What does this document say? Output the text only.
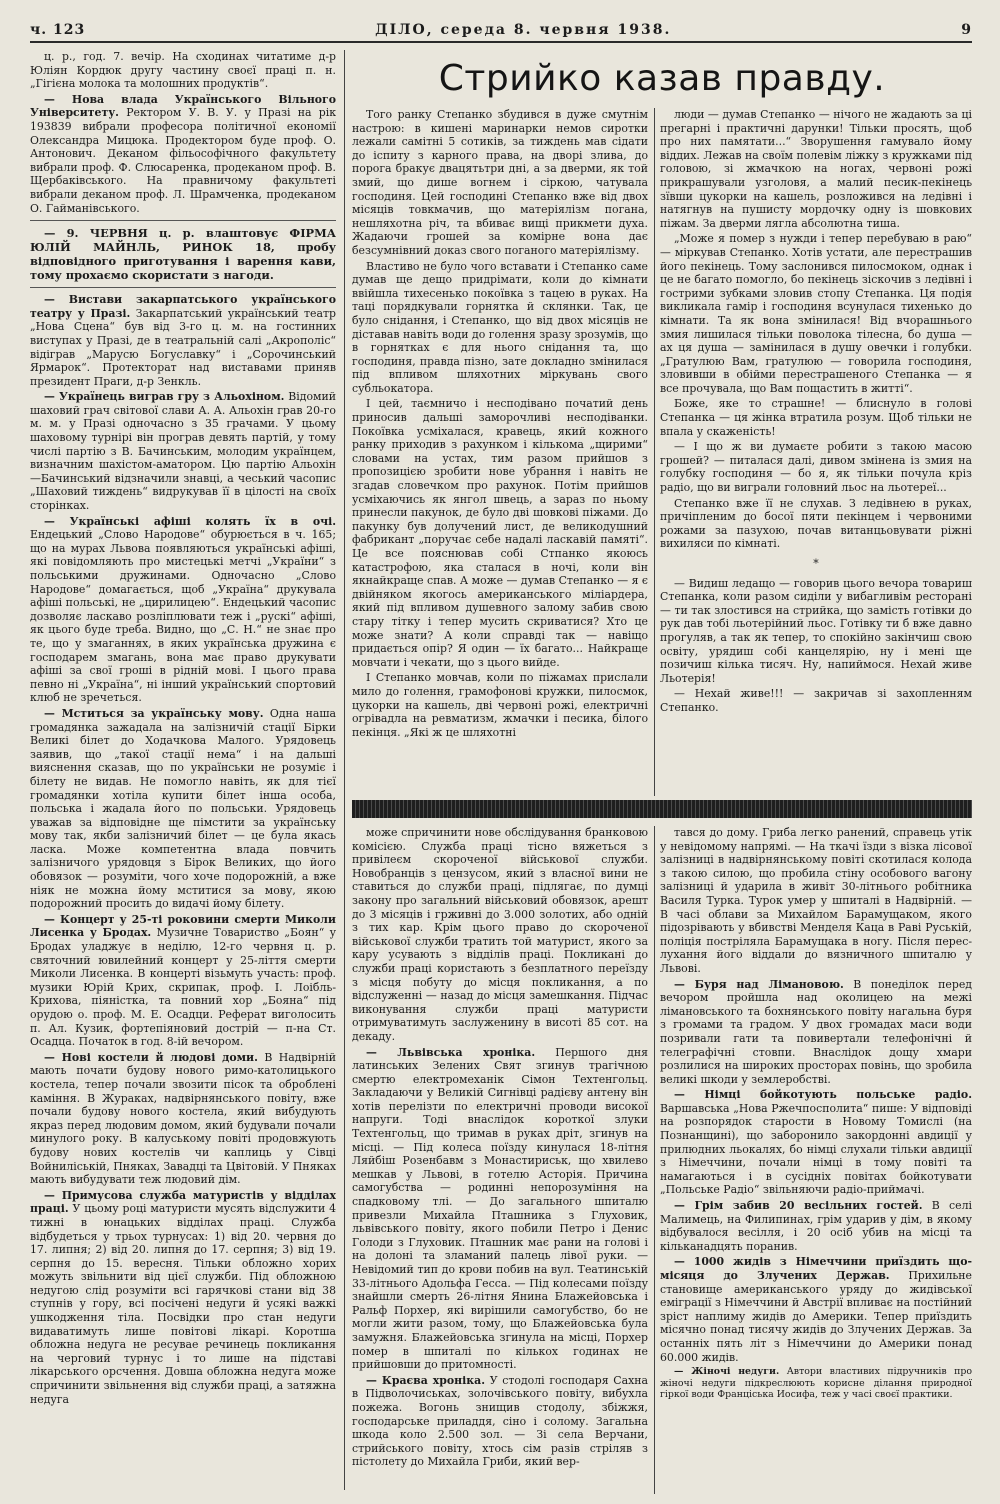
ч. 123	ДІЛО, середа 8. червня 1938.	9

ц. р., год. 7. вечір. На сходинах читатиме д-р Юліян Кордюк другу частину своєї праці п. н. „Гігієна молока та молошних продуктів“.

— Нова влада Українського Вільного Університету. Ректором У. В. У. у Празі на рік 193839 вибрали професора політичної економії Олександра Мицюка. Продектором буде проф. О. Антонович. Деканом фільософічного факультету вибрали проф. Ф. Слюсаренка, продеканом проф. В. Щербаківського. На правничому факультеті вибрали деканом проф. Л. Шрамченка, продеканом О. Гайманівського.

— 9. ЧЕРВНЯ ц. р. влаштовує ФІРМА ЮЛІЙ МАЙНЛЬ, РИНОК 18, пробу відповідного приготування і варення кави, тому прохаємо скористати з нагоди.

— Вистави закарпатського українського театру у Празі. Закарпатський український театр „Нова Сцена“ був від 3-го ц. м. на гостинних виступах у Празі, де в театральній салі „Акрополіс“ відіграв „Марусю Богуславку“ і „Сорочинський Ярмарок“. Протекторат над виставами приняв президент Праги, д-р Зенкль.

— Українець виграв гру з Альохіном. Відомий шаховий грач світової слави А. А. Альохін грав 20-го м. м. у Празі одночасно з 35 грачами. У цьому шаховому турнірі він програв девять партій, у тому числі партію з В. Бачинським, молодим українцем, визначним шахістом-аматором. Цю партію Альохін—Бачинський відзначили знавці, а чеський часопис „Шаховий тиждень“ видрукував її в цілості на своїх сторінках.

— Українські афіші колять їх в очі. Ендецький „Слово Народове“ обурюється в ч. 165; що на мурах Львова появляються українські афіші, які повідомляють про мистецькі метчі „України“ з польськими дружинами. Одночасно „Слово Народове“ домагається, щоб „Україна“ друкувала афіші польські, не „цирилицею“. Ендецький часопис дозволяє ласкаво розліплювати теж і „рускі“ афіші, як цього буде треба. Видно, що „С. Н.“ не знає про те, що у змаганнях, в яких українська дружина є господарем змагань, вона має право друкувати афіші за свої гроші в рідній мові. І цього права певно ні „Україна“, ні інший український спортовий клюб не зречеться.

— Мститься за українську мову. Одна наша громадянка зажадала на залізничій стації Бірки Великі білет до Ходачкова Малого. Урядовець заявив, що „такої стації нема“ і на дальші вияснення сказав, що по українськи не розуміє і білету не видав. Не помогло навіть, як для тієї громадянки хотіла купити білет інша особа, польська і жадала його по польськи. Урядовець уважав за відповідне ще пімстити за українську мову так, якби залізничий білет — це була якась ласка. Може компетентна влада повчить залізничого урядовця з Бірок Великих, що його обовязок — розуміти, чого хоче подорожній, а вже ніяк не можна йому мститися за мову, якою подорожний просить до видачі йому білету.

— Концерт у 25-ті роковини смерти Миколи Лисенка у Бродах. Музичне Товариство „Боян“ у Бродах уладжує в неділю, 12-го червня ц. р. святочний ювилейний концерт у 25-ліття смерти Миколи Лисенка. В концерті візьмуть участь: проф. музики Юрій Крих, скрипак, проф. І. Лоібль-Крихова, піяністка, та повний хор „Бояна“ під орудою о. проф. М. Е. Осадци. Реферат виголосить п. Ал. Кузик, фортепіяновий дострій — п-на Ст. Осадца. Початок в год. 8-ій вечором.

— Нові костели й людові доми. В Надвірній мають почати будову нового римо-католицького костела, тепер почали звозити пісок та оброблені каміння. В Жураках, надвірнянського повіту, вже почали будову нового костела, який вибудують якраз перед людовим домом, який будували почали минулого року. В калуському повіті продовжують будову нових костелів чи каплиць у Сівці Войниліській, Пняках, Завадці та Цвітовій. У Пняках мають вибудувати теж людовий дім.

— Примусова служба матуристів у відділах праці. У цьому році матуристи мусять відслужити 4 тижні в юнацьких відділах праці. Служба відбудеться у трьох турнусах: 1) від 20. червня до 17. липня; 2) від 20. липня до 17. серпня; 3) від 19. серпня до 15. вересня. Тільки обложно хорих можуть звільнити від цієї служби. Під обложною недугою слід розуміти всі гарячкові стани від 38 ступнів у гору, всі посічені недуги й усякі важкі ушкодження тіла. Посвідки про стан недуги видаватимуть лише повітові лікарі. Коротша обложна недуга не ресувае речинець покликання на черговий турнус і то лише на підставі лікарського орсчення. Довша обложна недуга може спричинити звільнення від служби праці, а затяжна недуга

Стрийко казав правду.

Того ранку Степанко збудився в дуже смутнім настрою: в кишені маринарки немов сиротки лежали самітні 5 сотиків, за тиждень мав сідати до іспиту з карного права, на дворі злива, до порога бракує двацятьтри дні, а за дверми, як той змий, що дише вогнем і сіркою, чатувала господиня. Цей господині Степанко вже від двох місяців товкмачив, що матеріялізм погана, нешляхотна річ, та вбиває вищі прикмети духа. Жадаючи грошей за комірне вона дає безсумнівний доказ свого поганого матеріялізму.

Властиво не було чого вставати і Степанко саме думав ще дещо придрімати, коли до кімнати ввійшла тихесенько покоївка з тацею в руках. На таці порядкували горнятка й склянки. Так, це було снідання, і Степанко, що від двох місяців не діставав навіть води до голення зразу зрозумів, що в горнятках є для нього снідання та, що господиня, правда пізно, зате докладно змінилася під впливом шляхотних міркувань свого субльокатора.

І цей, таємничо і несподівано початий день приносив дальші заморочливі несподіванки. Покоївка усміхалася, кравець, який кожного ранку приходив з рахунком і кількома „щирими“ словами на устах, тим разом прийшов з пропозицією зробити нове убрання і навіть не згадав словечком про рахунок. Потім прийшов усміхаючись як янгол швець, а зараз по ньому принесли пакунок, де було дві шовкові піжами. До пакунку був долучений лист, де великодушний фабрикант „поручає себе надалі ласкавій памяті“. Це все пояснював собі Стпанко якоюсь катастрофою, яка сталася в ночі, коли він якнайкраще спав. А може — думав Степанко — я є двійняком якогось американського міліардера, який під впливом душевного залому забив свою стару тітку і тепер мусить скриватися? Хто це може знати? А коли справді так — навіщо придається опір? Я один — їх багато... Найкраще мовчати і чекати, що з цього вийде.

І Степанко мовчав, коли по піжамах прислали мило до голення, грамофонові кружки, пилосмок, цукорки на кашель, дві червоні рожі, електричні огрівадла на ревматизм, жмачки і песика, білого пекінця. „Які ж це шляхотні

люди — думав Степанко — нічого не жадають за ці прегарні і практичні дарунки! Тільки просять, щоб про них памятати...“ Зворушення гамувало йому віддих. Лежав на своїм полевім ліжку з кружками під головою, зі жмачкою на ногах, червоні рожі прикрашували узголовя, а малий песик-пекінець зївши цукорки на кашель, розложився на ледівні і натягнув на пушисту мордочку одну із шовкових піжам. За дверми лягла абсолютна тиша.

„Може я помер з нужди і тепер перебуваю в раю“ — міркував Степанко. Хотів устати, але перестрашив його пекінець. Тому заслонився пилосмоком, однак і це не багато помогло, бо пекінець зіскочив з ледівні і гострими зубками зловив стопу Степанка. Ця подія викликала гамір і господиня всунулася тихенько до кімнати. Та як вона змінилася! Від вчорашнього змия лишилася тільки поволока тілесна, бо душа — ах ця душа — замінилася в душу овечки і голубки. „Гратулюю Вам, гратулюю — говорила господиня, зловивши в обійми перестрашеного Степанка — я все прочувала, що Вам пощастить в житті“.

Боже, яке то страшне! — блиснуло в голові Степанка — ця жінка втратила розум. Щоб тільки не впала у скаженість!

— І що ж ви думаєте робити з такою масою грошей? — питалася далі, дивом змінена із змия на голубку господиня — бо я, як тільки почула кріз радіо, що ви виграли головний льос на льотереї...

Степанко вже її не слухав. З ледівнею в руках, причіпленим до босої пяти пекінцем і червоними рожами за пазухою, почав витанцьовувати ріжні вихиляси по кімнаті.

*

— Видиш ледащо — говорив цього вечора товариш Степанка, коли разом сиділи у вибагливім ресторані — ти так злостився на стрийка, що замість готівки до рук дав тобі льотерійний льос. Готівку ти б вже давно прогуляв, а так як тепер, то спокійно закінчиш свою освіту, урядиш собі канцелярію, ну і мені ще позичиш кілька тисяч. Ну, напиймося. Нехай живе Льотерія!

— Нехай живе!!! — закричав зі захопленням Степанко.

може спричинити нове обслідування бранковою комісією. Служба праці тісно вяжеться з привілеєм скороченої військової служби. Новобранців з цензусом, який з власної вини не ставиться до служби праці, підлягає, по думці закону про загальний військовий обовязок, арешт до 3 місяців і грживні до 3.000 золотих, або одній з тих кар. Крім цього право до скороченої військової служби тратить той матурист, якого за кару усувають з відділів праці. Покликані до служби праці користають з безплатного переїзду з місця побуту до місця покликання, а по відслуженні — назад до місця замешкання. Підчас виконування служби праці матуристи отримуватимуть заслуженину в висоті 85 сот. на декаду.

— Львівська хроніка. Першого дня латинських Зелених Свят згинув трагічною смертю електромеханік Сімон Техтенгольц. Закладаючи у Великій Сигнівці радієву антену він хотів перелізти по електричні проводи високої напруги. Тоді внаслідок короткої злуки Техтенгольц, що тримав в руках дріт, згинув на місці. — Під колеса поїзду кинулася 18-літня Ляйбіш Розенбавм з Монастириськ, що хвилево мешкав у Львові, в готелю Асторія. Причина самогубства — родинні непорозуміння на спадковому тлі. — До загального шпиталю привезли Михайла Пташника з Глуховик, львівського повіту, якого побили Петро і Денис Голоди з Глуховик. Пташник має рани на голові і на долоні та зламаний палець лівої руки. — Невідомий тип до крови побив на вул. Театинській 33-літнього Адольфа Гесса. — Під колесами поїзду знайшли смерть 26-літня Янина Блажейовська і Ральф Порхер, які вирішили самогубство, бо не могли жити разом, тому, що Блажейовська була замужня. Блажейовська згинула на місці, Порхер помер в шпиталі по кількох годинах не прийшовши до притомності.

— Краєва хроніка. У стодолі господаря Сахна в Підволочиськах, золочівського повіту, вибухла пожежа. Вогонь знищив стодолу, збіжжя, господарське приладдя, сіно і солому. Загальна шкода коло 2.500 зол. — Зі села Верчани, стрийського повіту, хтось сім разів стріляв з пістолету до Михайла Гриби, який вер-

тався до дому. Гриба легко ранений, справець утік у невідомому напрямі. — На ткачі їзди з візка лісової залізниці в надвірнянському повіті скотилася колода з такою силою, що пробила стіну особового вагону залізниці й ударила в живіт 30-літнього робітника Василя Турка. Турок умер у шпиталі в Надвірній. — В часі облави за Михайлом Барамущаком, якого підозрівають у вбивстві Менделя Каца в Раві Руській, поліція постріляла Барамущака в ногу. Після переслухання його віддали до вязничного шпиталю у Львові.

— Буря над Лімановою. В понеділок перед вечором пройшла над околицею на межі лімановського та бохнянського повіту нагальна буря з громами та градом. У двох громадах маси води позривали гати та повивертали телефонічні й телеграфічні стовпи. Внаслідок дощу хмари розлилися на широких просторах повінь, що зробила великі шкоди у землеробстві.

— Німці бойкотують польське радіо. Варшавська „Нова Ржечпосполита“ пише: У відповіді на розпорядок старости в Новому Томислі (на Познанщині), що заборонило закордонні авдиції у прилюдних льокалях, бо німці слухали тільки авдиції з Німеччини, почали німці в тому повіті та намагаються і в сусідніх повітах бойкотувати „Польське Радіо“ звільняючи радіо-приймачі.

— Грім забив 20 весільних гостей. В селі Малимець, на Филипинах, грім ударив у дім, в якому відбувалося весілля, і 20 осіб убив на місці та кільканадцять поранив.

— 1000 жидів з Німеччини приїздить що-місяця до Злучених Держав. Прихильне становище американського уряду до жидівської еміграції з Німеччини й Австрії впливає на постійний зріст наплиму жидів до Америки. Тепер приїздить місячно понад тисячу жидів до Злучених Держав. За останніх пять літ з Німеччини до Америки понад 60.000 жидів.

— Жіночі недуги. Автори властивих підручників про жіночі недуги підкреслюють корисне ділання природної гіркої води Франціська Иосифа, теж у часі своєї практики.
